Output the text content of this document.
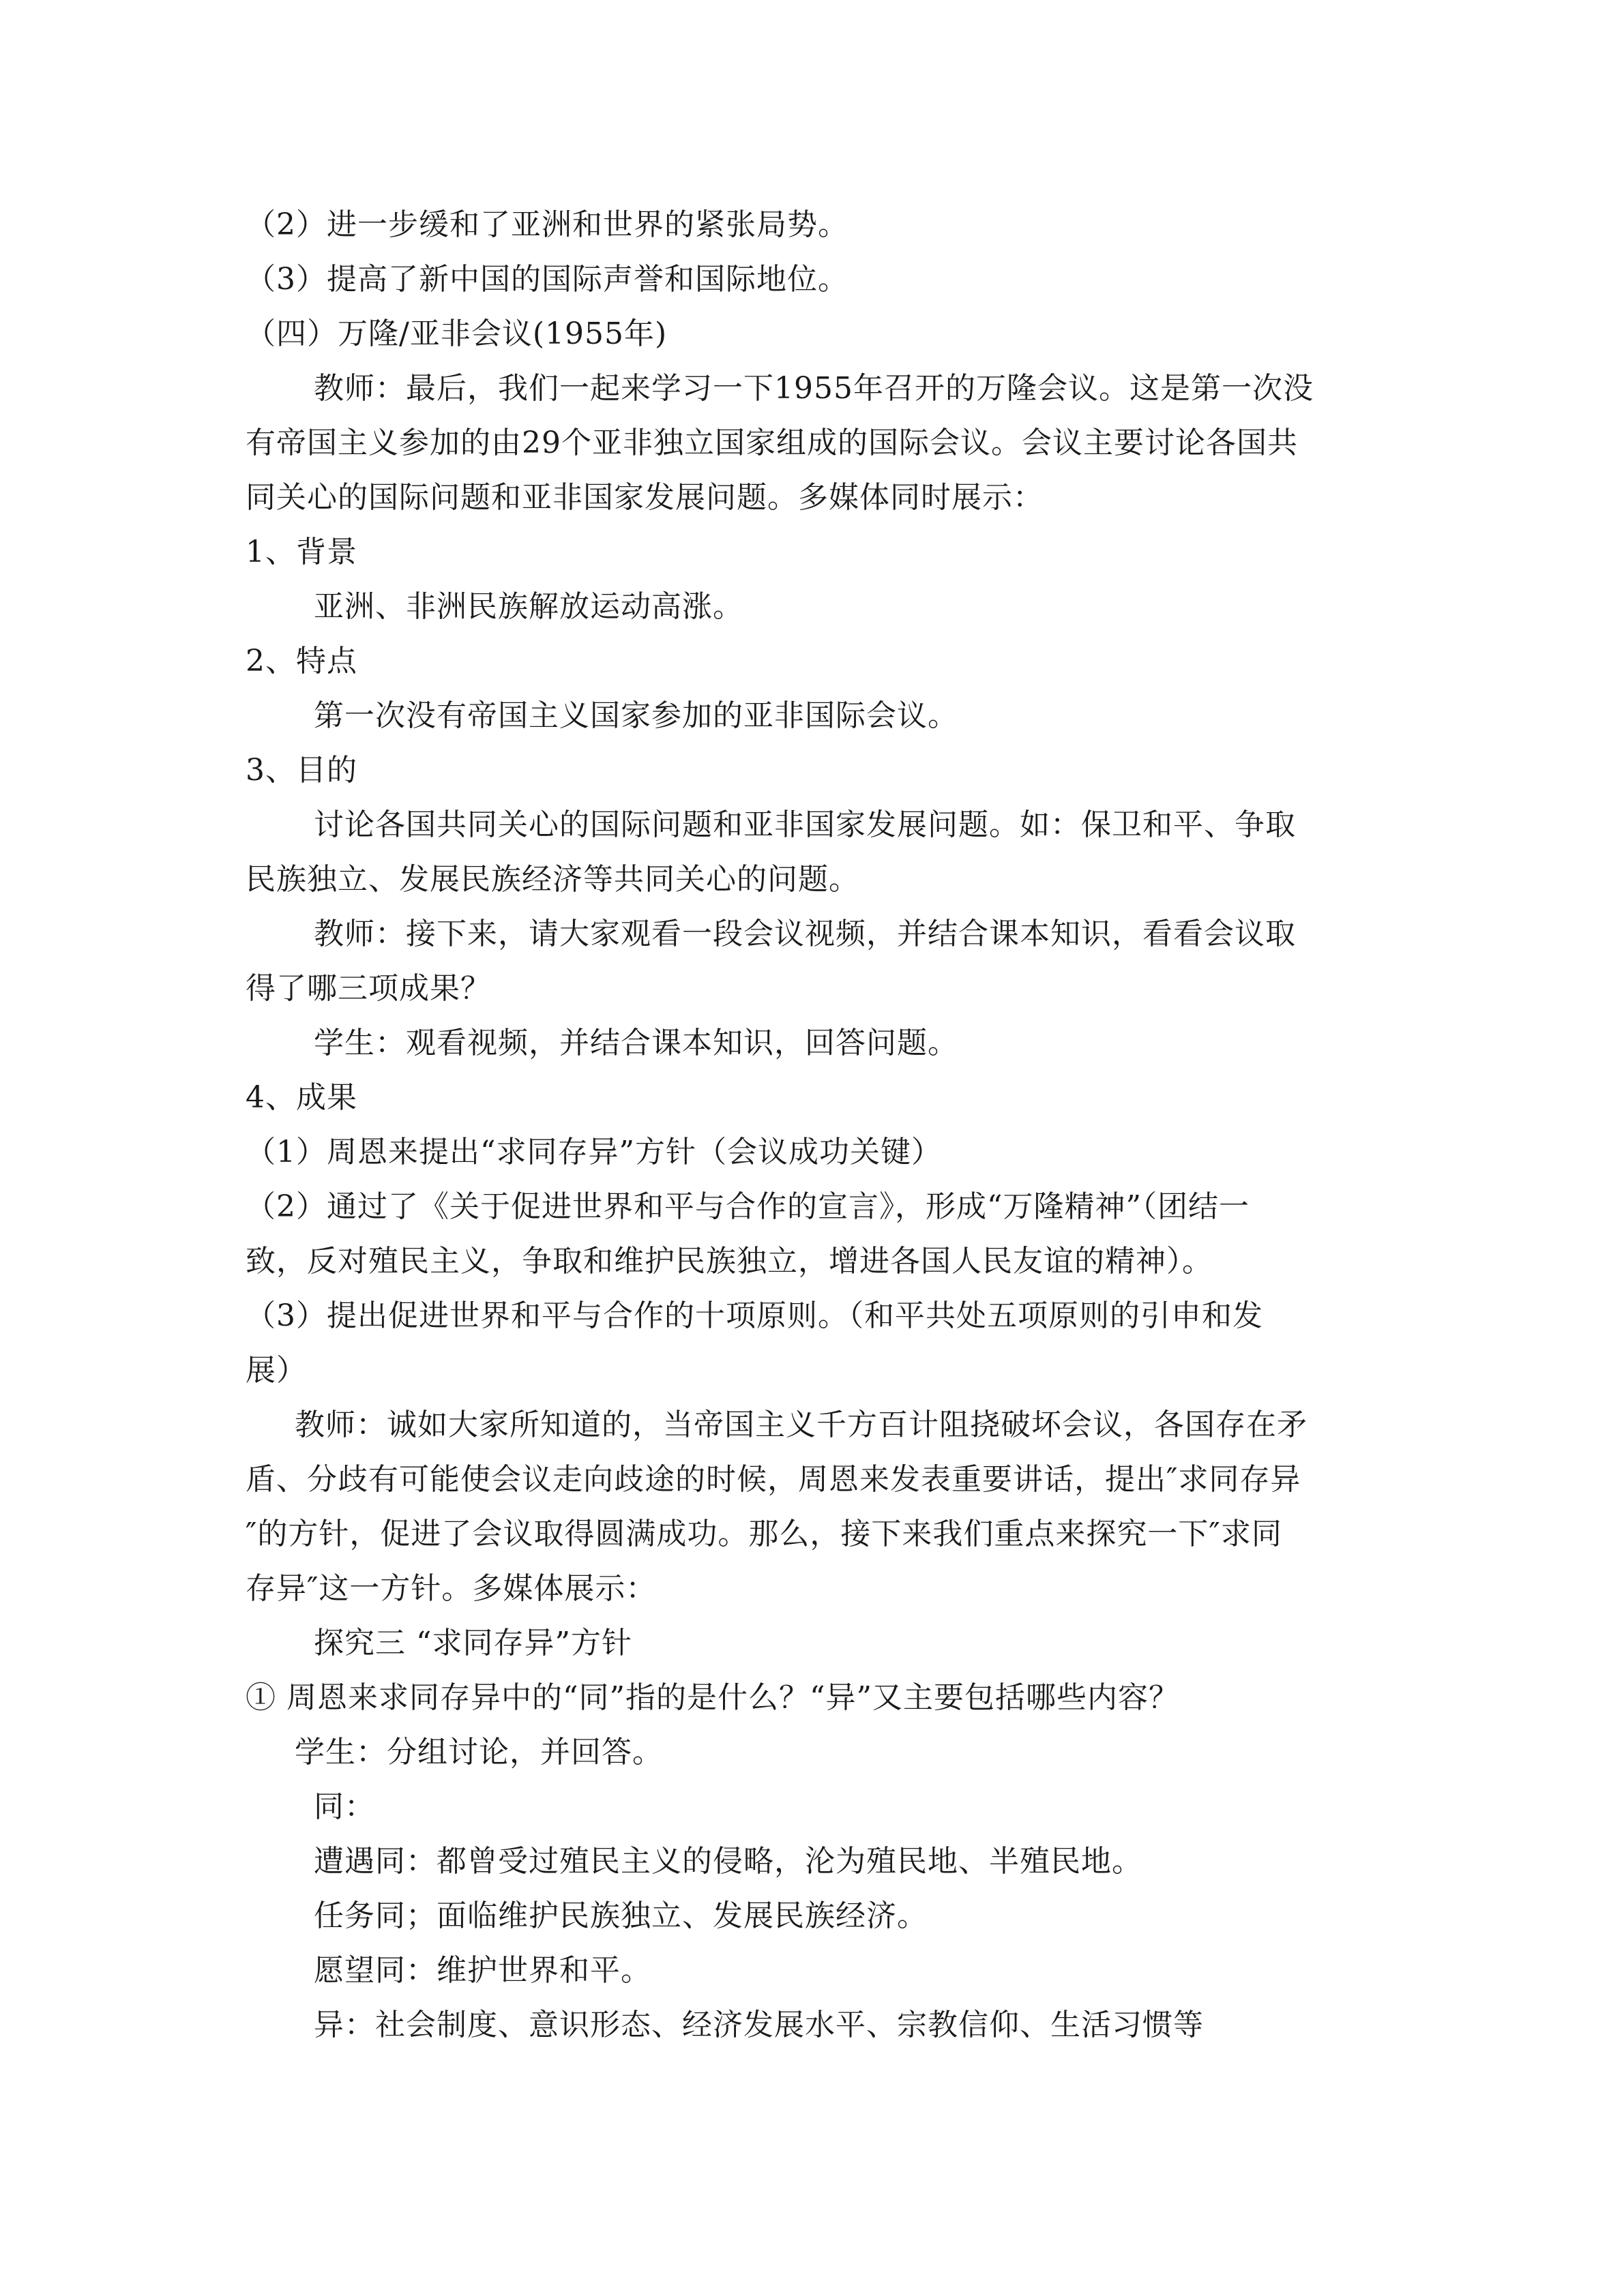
（2）进一步缓和了亚洲和世界的紧张局势。
（3）提高了新中国的国际声誉和国际地位。
（四）万隆/亚非会议(1955年)
教师：最后，我们一起来学习一下1955年召开的万隆会议。这是第一次没
有帝国主义参加的由29个亚非独立国家组成的国际会议。会议主要讨论各国共
同关心的国际问题和亚非国家发展问题。多媒体同时展示：
1、背景
亚洲、非洲民族解放运动高涨。
2、特点
第一次没有帝国主义国家参加的亚非国际会议。
3、目的
讨论各国共同关心的国际问题和亚非国家发展问题。如：保卫和平、争取
民族独立、发展民族经济等共同关心的问题。
教师：接下来，请大家观看一段会议视频，并结合课本知识，看看会议取
得了哪三项成果？
学生：观看视频，并结合课本知识，回答问题。
4、成果
（1）周恩来提出“求同存异”方针（会议成功关键）
（2）通过了《关于促进世界和平与合作的宣言》，形成“万隆精神”（团结一
致，反对殖民主义，争取和维护民族独立，增进各国人民友谊的精神）。
（3）提出促进世界和平与合作的十项原则。（和平共处五项原则的引申和发
展）
教师：诚如大家所知道的，当帝国主义千方百计阻挠破坏会议，各国存在矛
盾、分歧有可能使会议走向歧途的时候，周恩来发表重要讲话，提出″求同存异
″的方针，促进了会议取得圆满成功。那么，接下来我们重点来探究一下″求同
存异″这一方针。多媒体展示：
探究三 “求同存异”方针
① 周恩来求同存异中的“同”指的是什么？“异”又主要包括哪些内容？
学生：分组讨论，并回答。
同：
遭遇同：都曾受过殖民主义的侵略，沦为殖民地、半殖民地。
任务同；面临维护民族独立、发展民族经济。
愿望同：维护世界和平。
异：社会制度、意识形态、经济发展水平、宗教信仰、生活习惯等
